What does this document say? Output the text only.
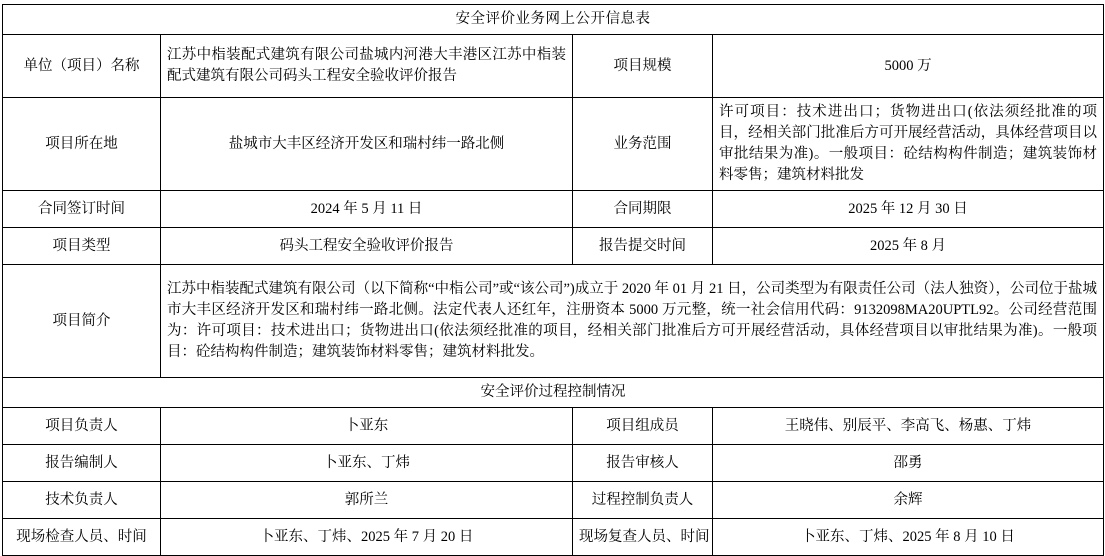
安全评价业务网上公开信息表			
单位（项目）名称	江苏中栺装配式建筑有限公司盐城内河港大丰港区江苏中栺装配式建筑有限公司码头工程安全验收评价报告	项目规模	5000 万
项目所在地	盐城市大丰区经济开发区和瑞村纬一路北侧	业务范围	许可项目：技术进出口；货物进出口(依法须经批准的项目，经相关部门批准后方可开展经营活动，具体经营项目以审批结果为准)。一般项目：砼结构构件制造；建筑装饰材料零售；建筑材料批发
合同签订时间	2024 年 5 月 11 日	合同期限	2025 年 12 月 30 日
项目类型	码头工程安全验收评价报告	报告提交时间	2025 年 8 月
项目简介	江苏中栺装配式建筑有限公司（以下简称“中栺公司”或“该公司”)成立于 2020 年 01 月 21 日，公司类型为有限责任公司（法人独资），公司位于盐城市大丰区经济开发区和瑞村纬一路北侧。法定代表人还红年，注册资本 5000 万元整，统一社会信用代码：9132098MA20UPTL92。公司经营范围为：许可项目：技术进出口；货物进出口(依法须经批准的项目，经相关部门批准后方可开展经营活动，具体经营项目以审批结果为准)。一般项目：砼结构构件制造；建筑装饰材料零售；建筑材料批发。		
安全评价过程控制情况			
项目负责人	卜亚东	项目组成员	王晓伟、别辰平、李高飞、杨惠、丁炜
报告编制人	卜亚东、丁炜	报告审核人	邵勇
技术负责人	郭所兰	过程控制负责人	余辉
现场检查人员、时间	卜亚东、丁炜、2025 年 7 月 20 日	现场复查人员、时间	卜亚东、丁炜、2025 年 8 月 10 日
